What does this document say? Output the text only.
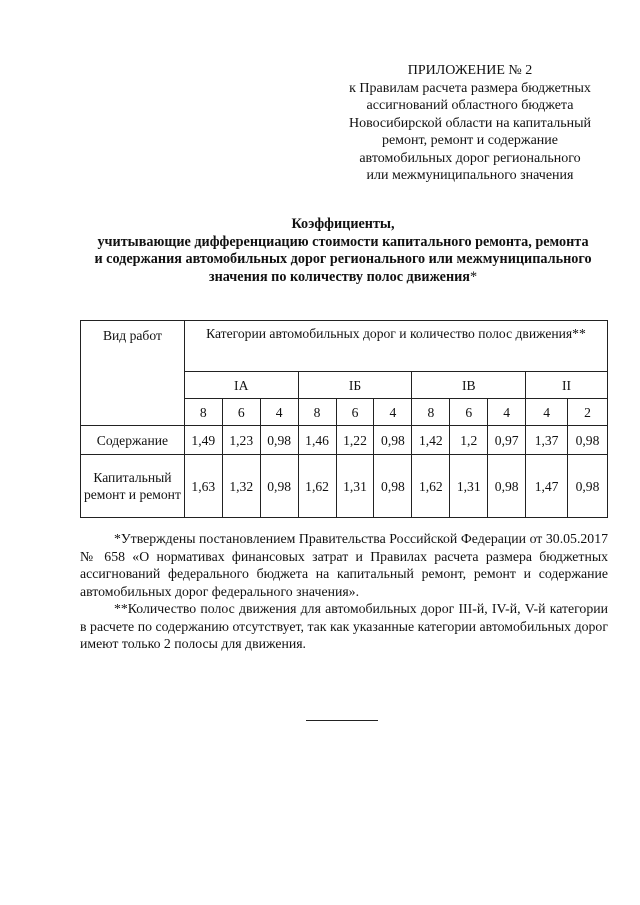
ПРИЛОЖЕНИЕ № 2
к Правилам расчета размера бюджетных
ассигнований областного бюджета
Новосибирской области на капитальный
ремонт, ремонт и содержание
автомобильных дорог регионального
или межмуниципального значения
Коэффициенты,
учитывающие дифференциацию стоимости капитального ремонта, ремонта
и содержания автомобильных дорог регионального или межмуниципального
значения по количеству полос движения*
Вид работ	Категории автомобильных дорог и количество полос движения**										
	IA			IБ			IB			II	
	8	6	4	8	6	4	8	6	4	4	2
Содержание	1,49	1,23	0,98	1,46	1,22	0,98	1,42	1,2	0,97	1,37	0,98
Капитальный ремонт и ремонт	1,63	1,32	0,98	1,62	1,31	0,98	1,62	1,31	0,98	1,47	0,98

*Утверждены постановлением Правительства Российской Федерации от 30.05.2017 № 658 «О нормативах финансовых затрат и Правилах расчета размера бюджетных ассигнований федерального бюджета на капитальный ремонт, ремонт и содержание автомобильных дорог федерального значения».

**Количество полос движения для автомобильных дорог III-й, IV-й, V-й категории в расчете по содержанию отсутствует, так как указанные категории автомобильных дорог имеют только 2 полосы для движения.
